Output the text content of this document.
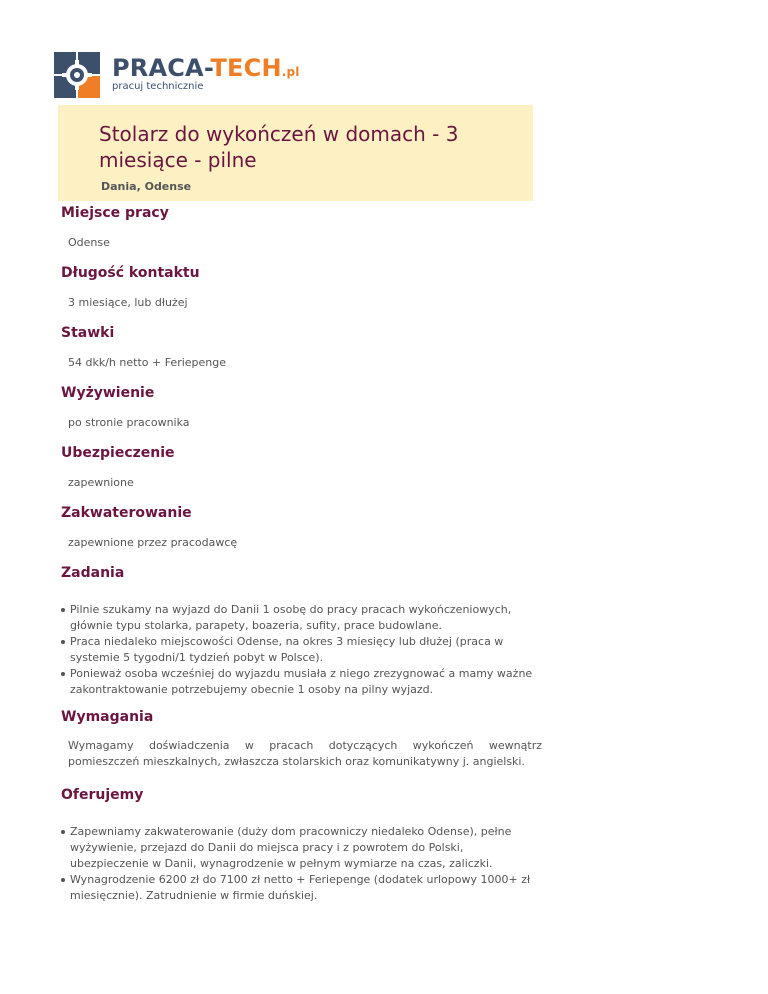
PRACA-TECH.pl
pracuj technicznie
Stolarz do wykończeń w domach - 3 miesiące - pilne
Dania, Odense
Miejsce pracy

Odense

Długość kontaktu

3 miesiące, lub dłużej

Stawki

54 dkk/h netto + Feriepenge

Wyżywienie

po stronie pracownika

Ubezpieczenie

zapewnione

Zakwaterowanie

zapewnione przez pracodawcę

Zadania
Pilnie szukamy na wyjazd do Danii 1 osobę do pracy pracach wykończeniowych, głównie typu stolarka, parapety, boazeria, sufity, prace budowlane.
Praca niedaleko miejscowości Odense, na okres 3 miesięcy lub dłużej (praca w systemie 5 tygodni/1 tydzień pobyt w Polsce).
Ponieważ osoba wcześniej do wyjazdu musiała z niego zrezygnować a mamy ważne zakontraktowanie potrzebujemy obecnie 1 osoby na pilny wyjazd.
Wymagania

Wymagamy doświadczenia w pracach dotyczących wykończeń wewnątrz pomieszczeń mieszkalnych, zwłaszcza stolarskich oraz komunikatywny j. angielski.

Oferujemy
Zapewniamy zakwaterowanie (duży dom pracowniczy niedaleko Odense), pełne wyżywienie, przejazd do Danii do miejsca pracy i z powrotem do Polski, ubezpieczenie w Danii, wynagrodzenie w pełnym wymiarze na czas, zaliczki.
Wynagrodzenie 6200 zł do 7100 zł netto + Feriepenge (dodatek urlopowy 1000+ zł miesięcznie). Zatrudnienie w firmie duńskiej.
